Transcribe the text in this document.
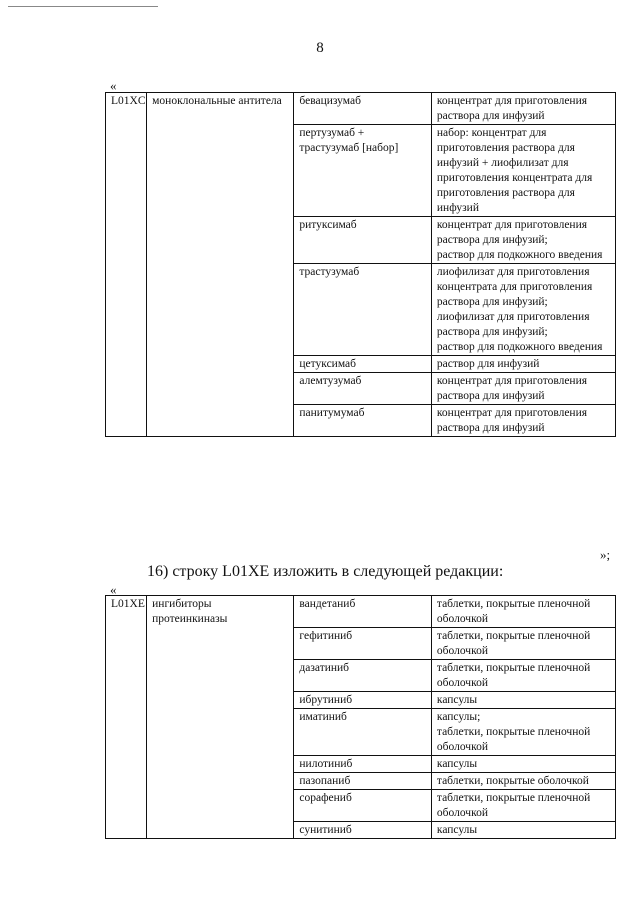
8
«
L01XC	моноклональные антитела	бевацизумаб	концентрат для приготовления раствора для инфузий

		пертузумаб + трастузумаб [набор]	набор: концентрат для приготовления раствора для инфузий + лиофилизат для приготовления концентрата для приготовления раствора для инфузий

		ритуксимаб	концентрат для приготовления раствора для инфузий;
раствор для подкожного введения

		трастузумаб	лиофилизат для приготовления концентрата для приготовления раствора для инфузий;
лиофилизат для приготовления раствора для инфузий;
раствор для подкожного введения

		цетуксимаб	раствор для инфузий

		алемтузумаб	концентрат для приготовления раствора для инфузий

		панитумумаб	концентрат для приготовления раствора для инфузий
»;
16) строку L01XE изложить в следующей редакции:
«
L01XE	ингибиторы протеинкиназы	вандетаниб	таблетки, покрытые пленочной оболочкой

		гефитиниб	таблетки, покрытые пленочной оболочкой

		дазатиниб	таблетки, покрытые пленочной оболочкой

		ибрутиниб	капсулы

		иматиниб	капсулы;
таблетки, покрытые пленочной оболочкой

		нилотиниб	капсулы

		пазопаниб	таблетки, покрытые оболочкой

		сорафениб	таблетки, покрытые пленочной оболочкой

		сунитиниб	капсулы
